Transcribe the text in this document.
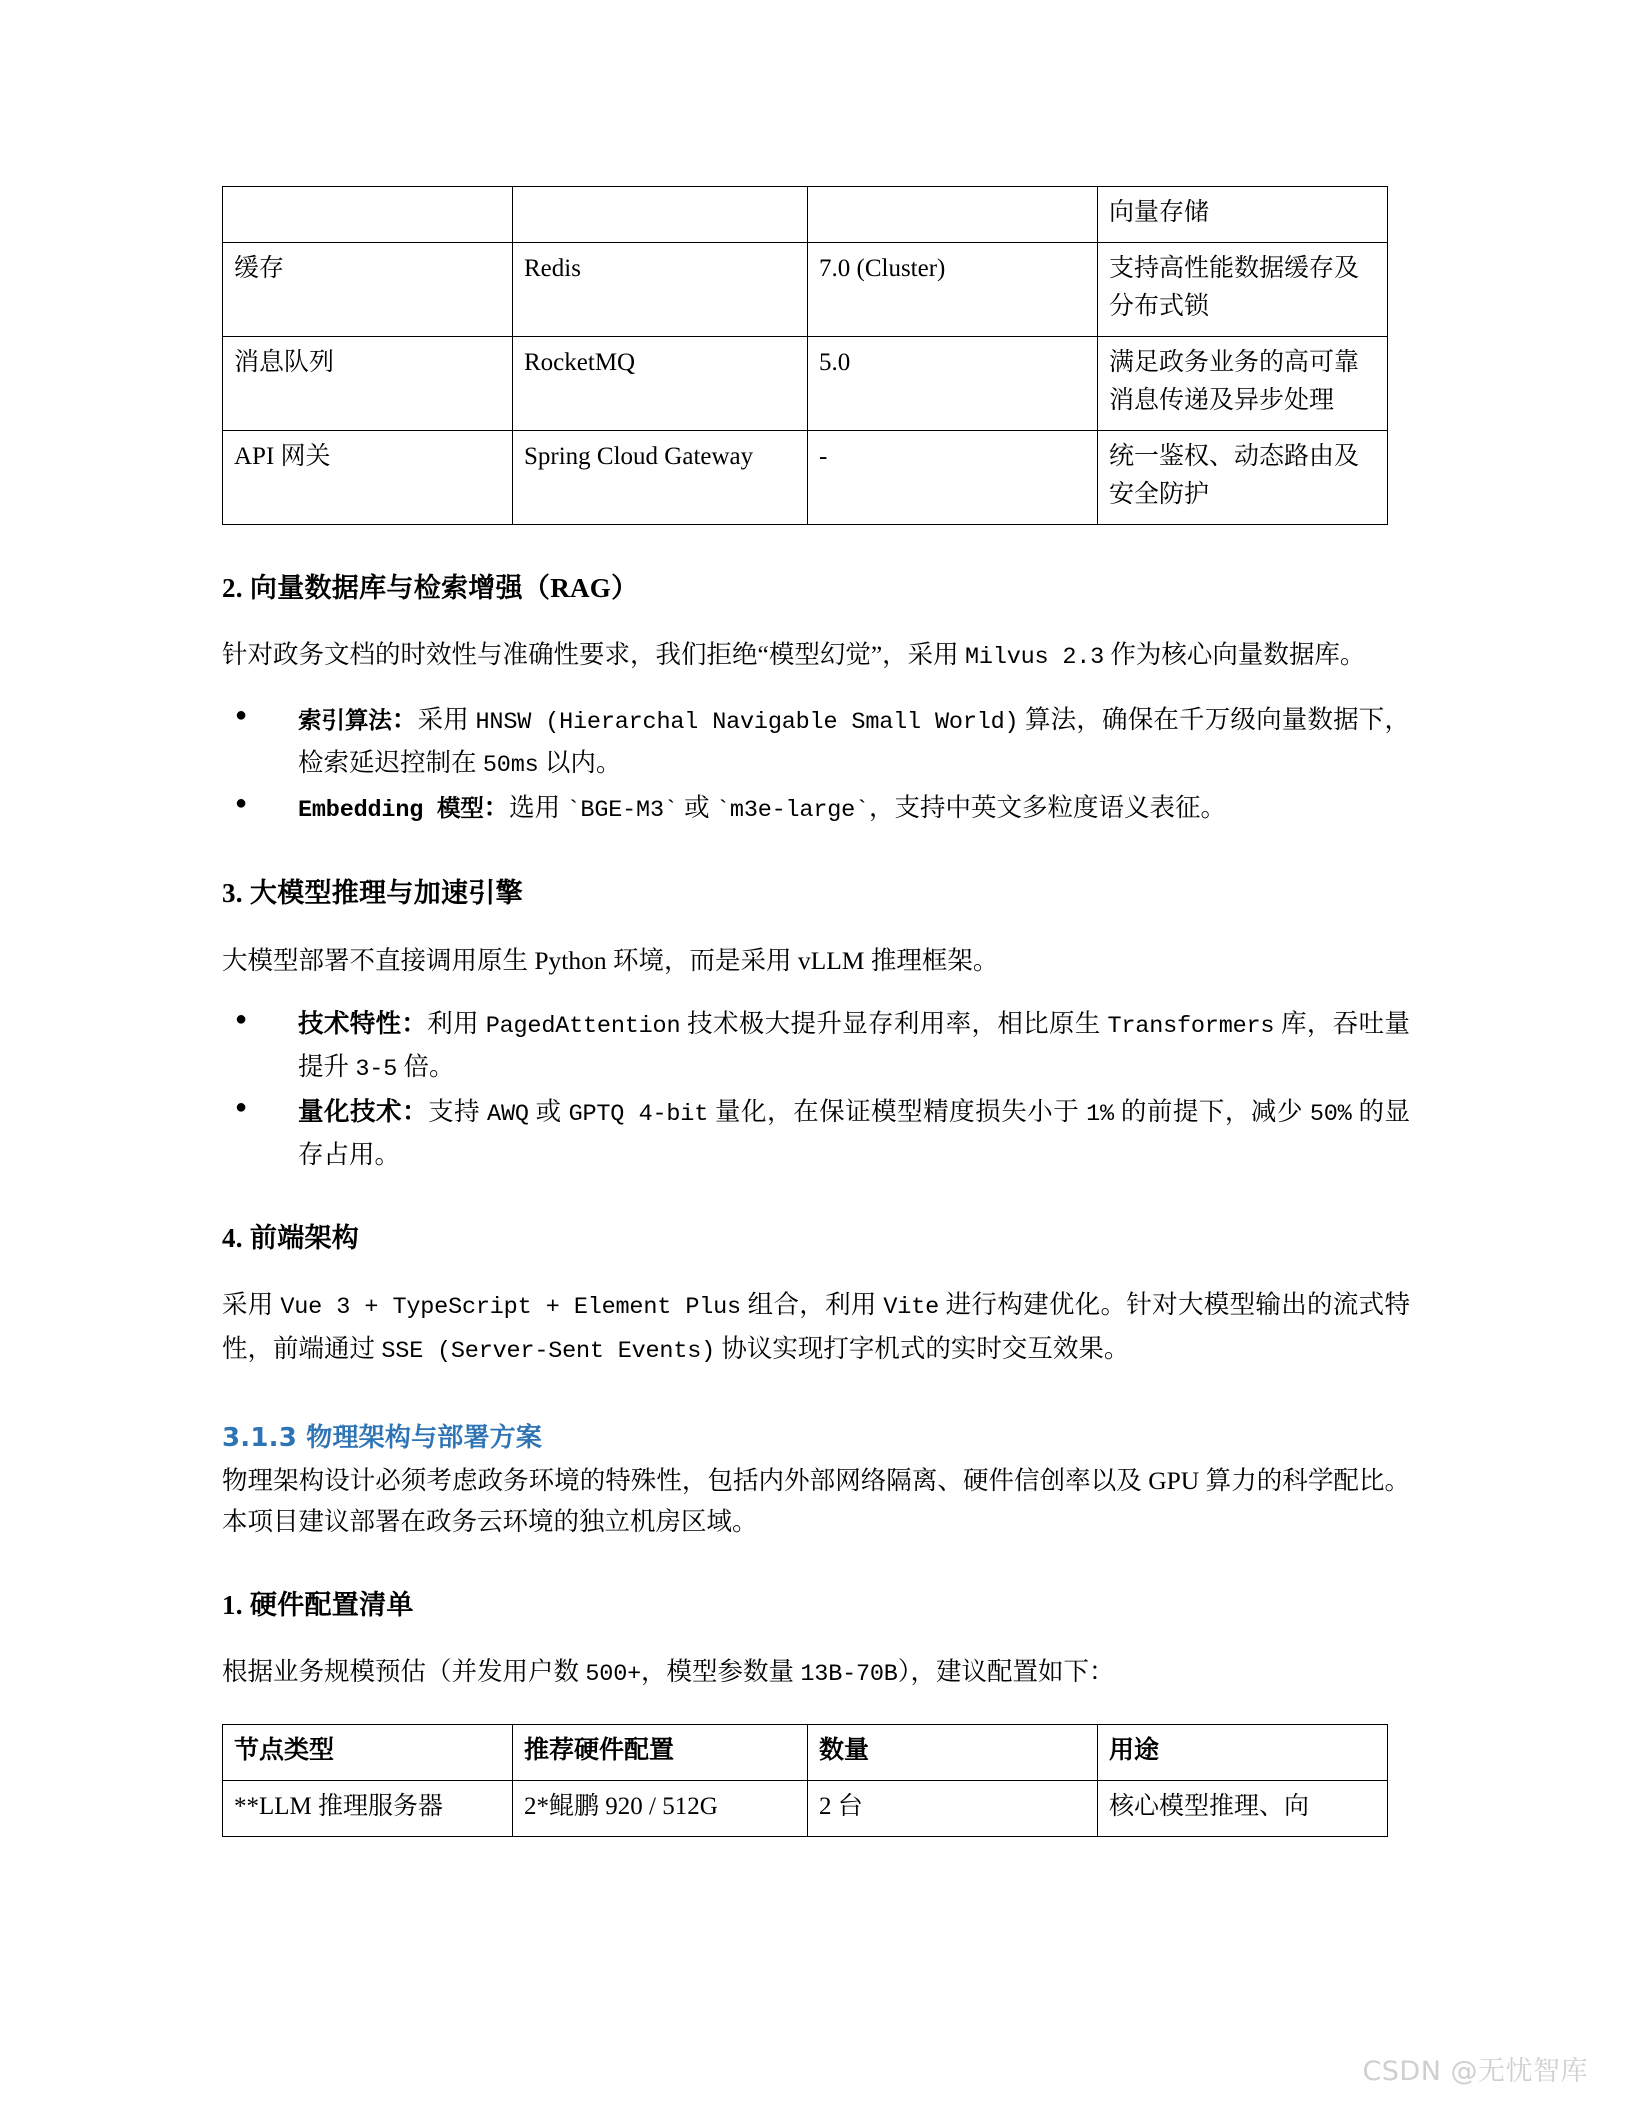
			向量存储
缓存	Redis	7.0 (Cluster)	支持高性能数据缓存及分布式锁
消息队列	RocketMQ	5.0	满足政务业务的高可靠消息传递及异步处理
API 网关	Spring Cloud Gateway	-	统一鉴权、动态路由及安全防护
2. 向量数据库与检索增强（RAG）

针对政务文档的时效性与准确性要求，我们拒绝“模型幻觉”，采用 Milvus 2.3 作为核心向量数据库。

● 索引算法：采用 HNSW (Hierarchal Navigable Small World) 算法，确保在千万级向量数据下，检索延迟控制在 50ms 以内。
● Embedding 模型：选用 `BGE-M3` 或 `m3e-large`，支持中英文多粒度语义表征。
3. 大模型推理与加速引擎

大模型部署不直接调用原生 Python 环境，而是采用 vLLM 推理框架。

● 技术特性：利用 PagedAttention 技术极大提升显存利用率，相比原生 Transformers 库，吞吐量提升 3-5 倍。
● 量化技术：支持 AWQ 或 GPTQ 4-bit 量化，在保证模型精度损失小于 1% 的前提下，减少 50% 的显存占用。
4. 前端架构

采用 Vue 3 + TypeScript + Element Plus 组合，利用 Vite 进行构建优化。针对大模型输出的流式特性，前端通过 SSE (Server-Sent Events) 协议实现打字机式的实时交互效果。

3.1.3 物理架构与部署方案

物理架构设计必须考虑政务环境的特殊性，包括内外部网络隔离、硬件信创率以及 GPU 算力的科学配比。本项目建议部署在政务云环境的独立机房区域。

1. 硬件配置清单

根据业务规模预估（并发用户数 500+，模型参数量 13B-70B），建议配置如下：

节点类型	推荐硬件配置	数量	用途
**LLM 推理服务器	2*鲲鹏 920 / 512G	2 台	核心模型推理、向
CSDN @无忧智库
